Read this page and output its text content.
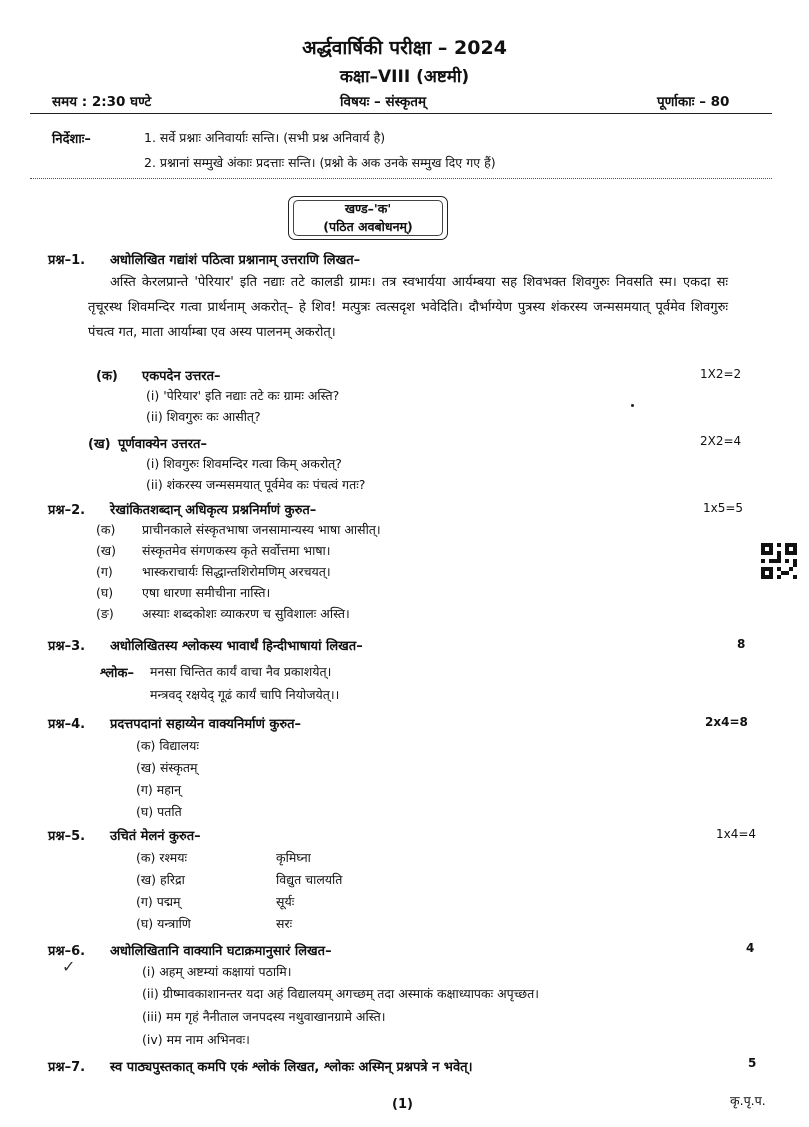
अर्द्धवार्षिकी परीक्षा – 2024
कक्षा–VIII (अष्टमी)
समय : 2:30 घण्टे	विषयः – संस्कृतम्	पूर्णाकाः – 80
निर्देशाः–	1. सर्वे प्रश्नाः अनिवार्याः सन्ति। (सभी प्रश्न अनिवार्य है)
2. प्रश्नानां सम्मुखे अंकाः प्रदत्ताः सन्ति। (प्रश्नो के अक उनके सम्मुख दिए गए हैं)
खण्ड–'क'
(पठित अवबोधनम्)
प्रश्न–1. अधोलिखित गद्यांशं पठित्वा प्रश्नानाम् उत्तराणि लिखत–
अस्ति केरलप्रान्ते 'पेरियार' इति नद्याः तटे कालडी ग्रामः। तत्र स्वभार्यया आर्यम्बया सह शिवभक्त शिवगुरुः निवसति स्म। एकदा सः तृचूरस्थ शिवमन्दिर गत्वा प्रार्थनाम् अकरोत्– हे शिव! मत्पुत्रः त्वत्सदृश भवेदिति। दौर्भाग्येण पुत्रस्य शंकरस्य जन्मसमयात् पूर्वमेव शिवगुरुः पंचत्व गत, माता आर्याम्बा एव अस्य पालनम् अकरोत्।
(क) एकपदेन उत्तरत–	1X2=2
(i) 'पेरियार' इति नद्याः तटे कः ग्रामः अस्ति?
(ii) शिवगुरुः कः आसीत्?
(ख) पूर्णवाक्येन उत्तरत–	2X2=4
(i) शिवगुरुः शिवमन्दिर गत्वा किम् अकरोत्?
(ii) शंकरस्य जन्मसमयात् पूर्वमेव कः पंचत्वं गतः?
प्रश्न–2. रेखांकितशब्दान् अधिकृत्य प्रश्ननिर्माणं कुरुत–	1x5=5
(क) प्राचीनकाले संस्कृतभाषा जनसामान्यस्य भाषा आसीत्।
(ख) संस्कृतमेव संगणकस्य कृते सर्वोत्तमा भाषा।
(ग) भास्कराचार्यः सिद्धान्तशिरोमणिम् अरचयत्।
(घ) एषा धारणा समीचीना नास्ति।
(ङ) अस्याः शब्दकोशः व्याकरण च सुविशालः अस्ति।
प्रश्न–3. अधोलिखितस्य श्लोकस्य भावार्थं हिन्दीभाषायां लिखत–	8
श्लोक– मनसा चिन्तित कार्यं वाचा नैव प्रकाशयेत्।
मन्त्रवद् रक्षयेद् गूढं कार्यं चापि नियोजयेत्।।
प्रश्न–4. प्रदत्तपदानां सहाय्येन वाक्यनिर्माणं कुरुत–	2x4=8
(क) विद्यालयः
(ख) संस्कृतम्
(ग) महान्
(घ) पतति
प्रश्न–5. उचितं मेलनं कुरुत–	1x4=4
(क) रश्मयः	कृमिघ्ना
(ख) हरिद्रा	विद्युत चालयति
(ग) पद्मम्	सूर्यः
(घ) यन्त्राणि	सरः
प्रश्न–6. अधोलिखितानि वाक्यानि घटाक्रमानुसारं लिखत–	4
✓	(i) अहम् अष्टम्यां कक्षायां पठामि।
(ii) ग्रीष्मावकाशानन्तर यदा अहं विद्यालयम् अगच्छम् तदा अस्माकं कक्षाध्यापकः अपृच्छत।
(iii) मम गृहं नैनीताल जनपदस्य नथुवाखानग्रामे अस्ति।
(iv) मम नाम अभिनवः।
प्रश्न–7. स्व पाठ्यपुस्तकात् कमपि एकं श्लोकं लिखत, श्लोकः अस्मिन् प्रश्नपत्रे न भवेत्।	5
(1)	कृ.पृ.प.
